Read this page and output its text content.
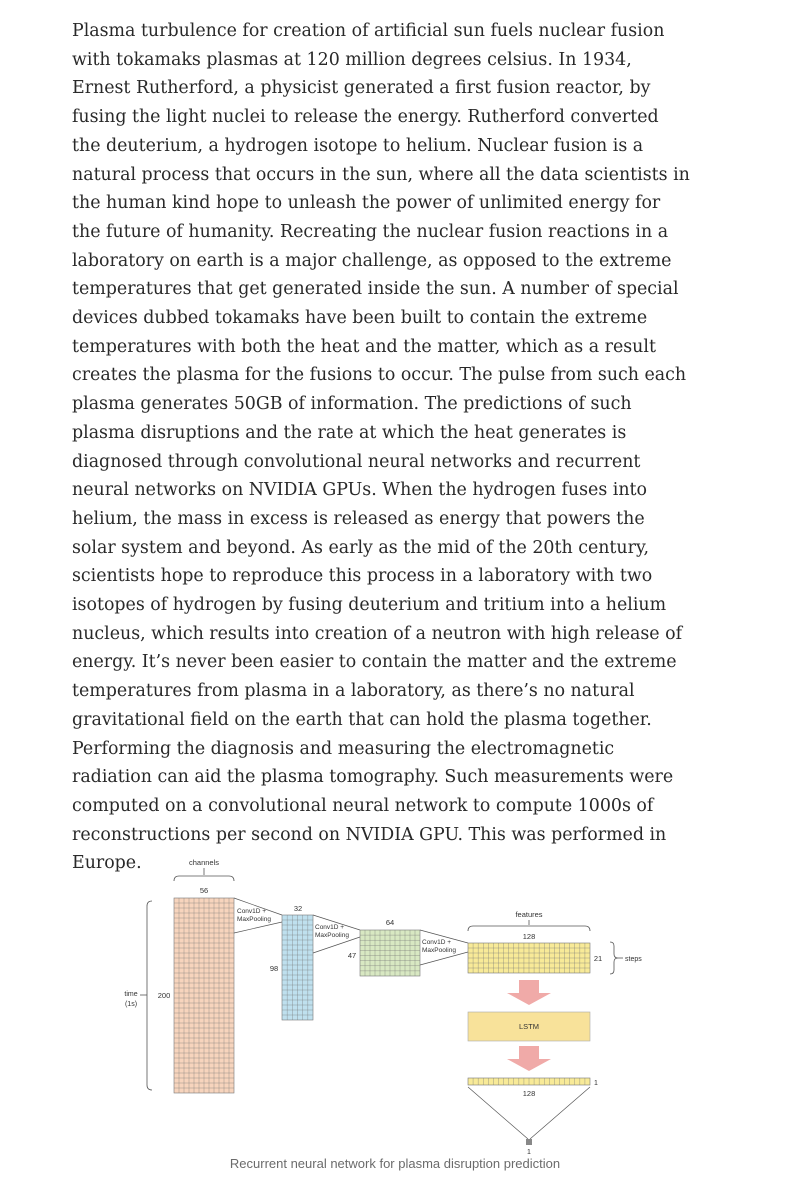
Plasma turbulence for creation of artificial sun fuels nuclear fusion with tokamaks plasmas at 120 million degrees celsius. In 1934, Ernest Rutherford, a physicist generated a first fusion reactor, by fusing the light nuclei to release the energy. Rutherford converted the deuterium, a hydrogen isotope to helium. Nuclear fusion is a natural process that occurs in the sun, where all the data scientists in the human kind hope to unleash the power of unlimited energy for the future of humanity. Recreating the nuclear fusion reactions in a laboratory on earth is a major challenge, as opposed to the extreme temperatures that get generated inside the sun. A number of special devices dubbed tokamaks have been built to contain the extreme temperatures with both the heat and the matter, which as a result creates the plasma for the fusions to occur. The pulse from such each plasma generates 50GB of information. The predictions of such plasma disruptions and the rate at which the heat generates is diagnosed through convolutional neural networks and recurrent neural networks on NVIDIA GPUs. When the hydrogen fuses into helium, the mass in excess is released as energy that powers the solar system and beyond. As early as the mid of the 20th century, scientists hope to reproduce this process in a laboratory with two isotopes of hydrogen by fusing deuterium and tritium into a helium nucleus, which results into creation of a neutron with high release of energy. It’s never been easier to contain the matter and the extreme temperatures from plasma in a laboratory, as there’s no natural gravitational field on the earth that can hold the plasma together. Performing the diagnosis and measuring the electromagnetic radiation can aid the plasma tomography. Such measurements were computed on a convolutional neural network to compute 1000s of reconstructions per second on NVIDIA GPU. This was performed in Europe.	channels
56
time
(1s)
200
Conv1D +
MaxPooling
32
98
Conv1D +
MaxPooling
64
47
Conv1D +
MaxPooling
features
128
21	steps
LSTM
1
128
1
Recurrent neural network for plasma disruption prediction
